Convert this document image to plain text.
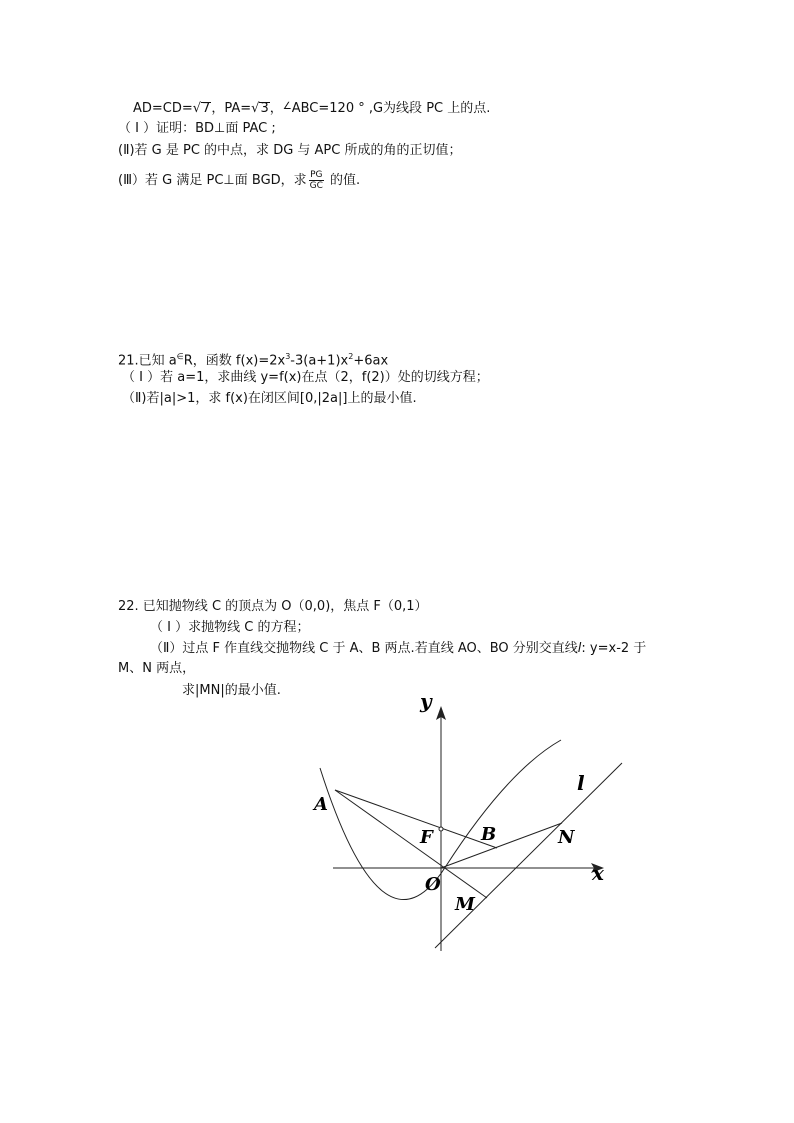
AD=CD=√7，PA=√3，∠ABC=120 ° ,G为线段 PC 上的点.
（ I ）证明：BD⊥面 PAC ;
(Ⅱ)若 G 是 PC 的中点，求 DG 与 APC 所成的角的正切值；
(Ⅲ）若 G 满足 PC⊥面 BGD，求 $\frac{PG}{GC}$ 的值.
21.已知 a∈R，函数 $f(x)=2x^3-3(a+1)x^2+6ax$
（ I ）若 a=1，求曲线 y=f(x)在点（2，f(2)）处的切线方程；
（Ⅱ)若|a|>1，求 f(x)在闭区间[0,|2a|]上的最小值.
22. 已知抛物线 C 的顶点为 O（0,0)，焦点 F（0,1）
（ I ）求抛物线 C 的方程；
（Ⅱ）过点 F 作直线交抛物线 C 于 A、B 两点.若直线 AO、BO 分别交直线l: y=x-2 于
M、N 两点，
求|MN|的最小值.	y
x
l
A
F	B	N
O
M
